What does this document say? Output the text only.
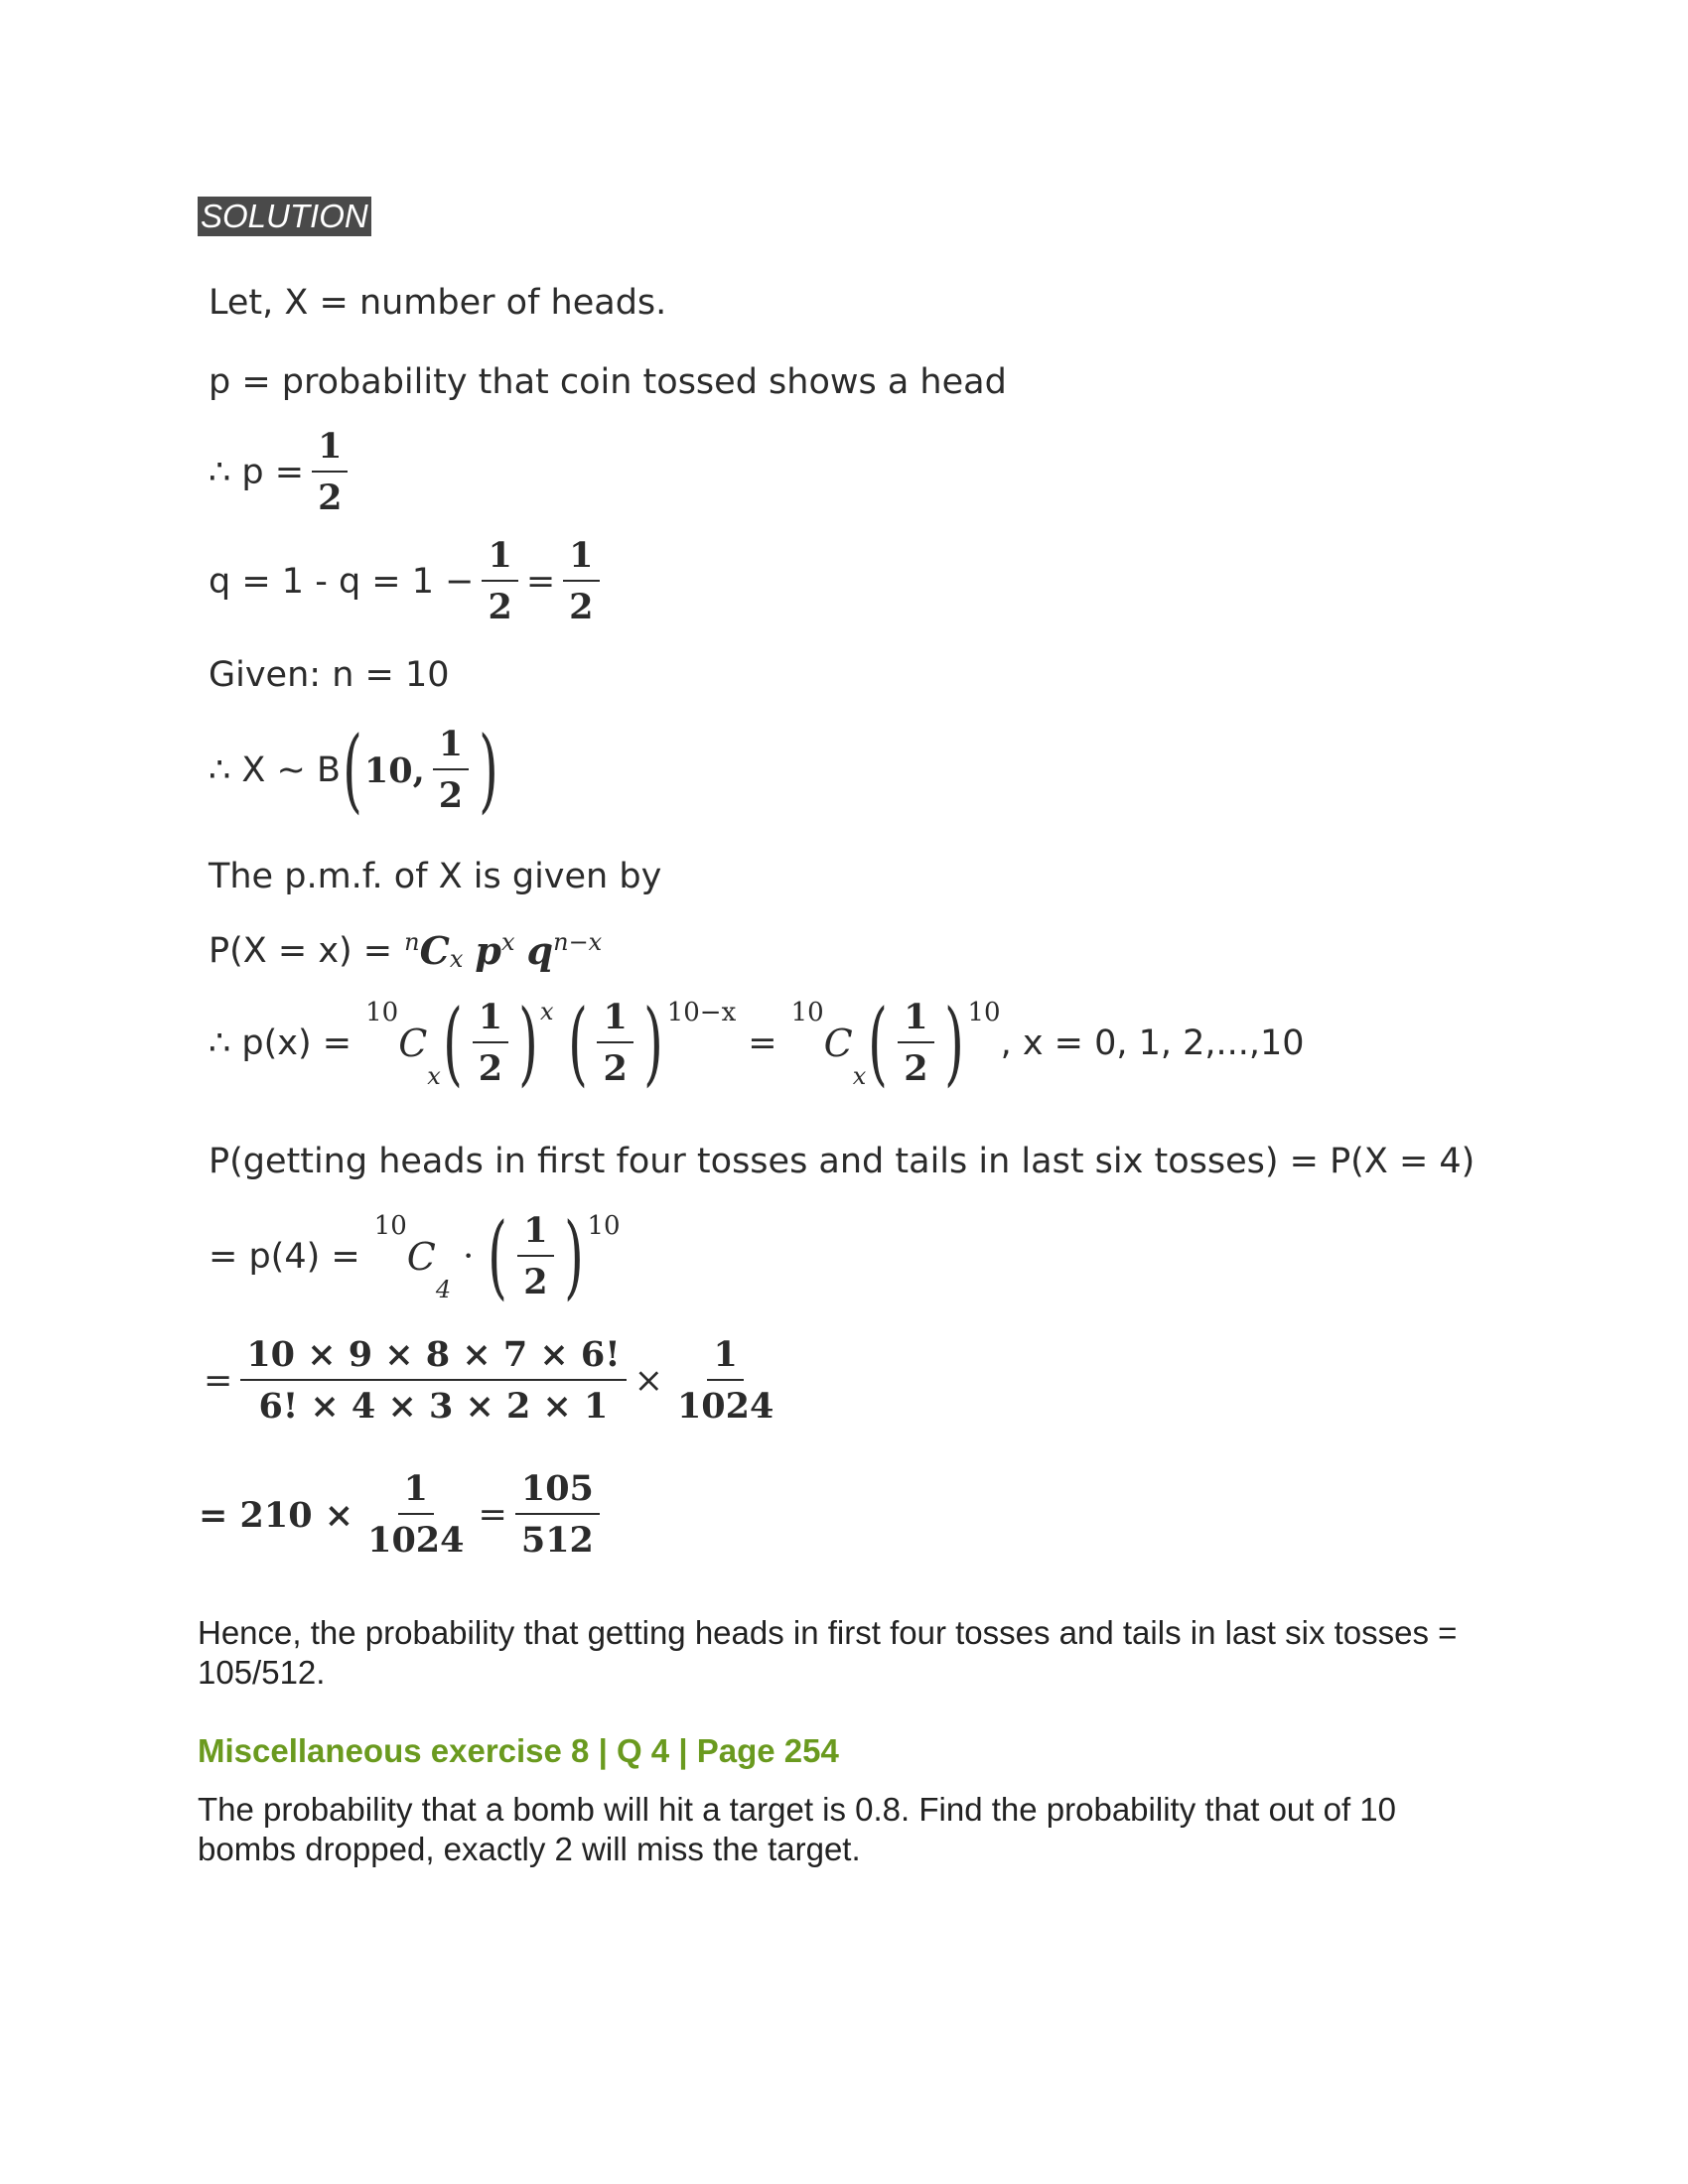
SOLUTION
Let, X = number of heads.
p = probability that coin tossed shows a head
∴ $p = \frac{1}{2}$
$q = 1 - q = 1 - \frac{1}{2} = \frac{1}{2}$
Given: n = 10
∴ X ~ B ( 10, $\frac{1}{2}$ )
The p.m.f. of X is given by
P(X = x) = n C x p x q n−x
∴ p(x) =
10
C
x ( $\frac{1}{2}$ ) x ( $\frac{1}{2}$ ) 10−x
=
10
C
x ( $\frac{1}{2}$ ) 10
, x = 0, 1, 2,...,10
P(getting heads in first four tosses and tails in last six tosses) = P(X = 4)
= p(4) =
10
C
4
· ( $\frac{1}{2}$ ) 10
= $\frac{10 \times 9 \times 8 \times 7 \times 6!}{6! \times 4 \times 3 \times 2 \times 1} \times \frac{1}{1024}$
= $210 \times \frac{1}{1024} = \frac{105}{512}$
Hence, the probability that getting heads in first four tosses and tails in last six tosses = 105/512.
Miscellaneous exercise 8 | Q 4 | Page 254
The probability that a bomb will hit a target is 0.8. Find the probability that out of 10 bombs dropped, exactly 2 will miss the target.
